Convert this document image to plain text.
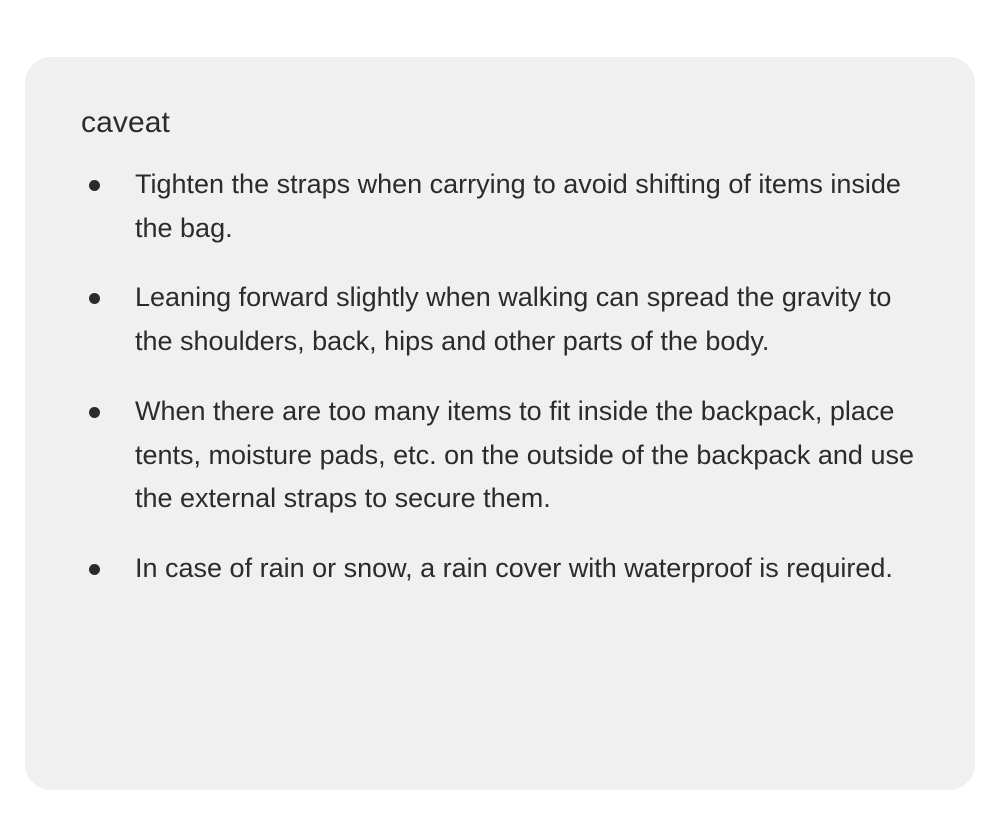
caveat
Tighten the straps when carrying to avoid shifting of items inside the bag.
Leaning forward slightly when walking can spread the gravity to the shoulders, back, hips and other parts of the body.
When there are too many items to fit inside the backpack, place tents, moisture pads, etc. on the outside of the backpack and use the external straps to secure them.
In case of rain or snow, a rain cover with waterproof is required.
